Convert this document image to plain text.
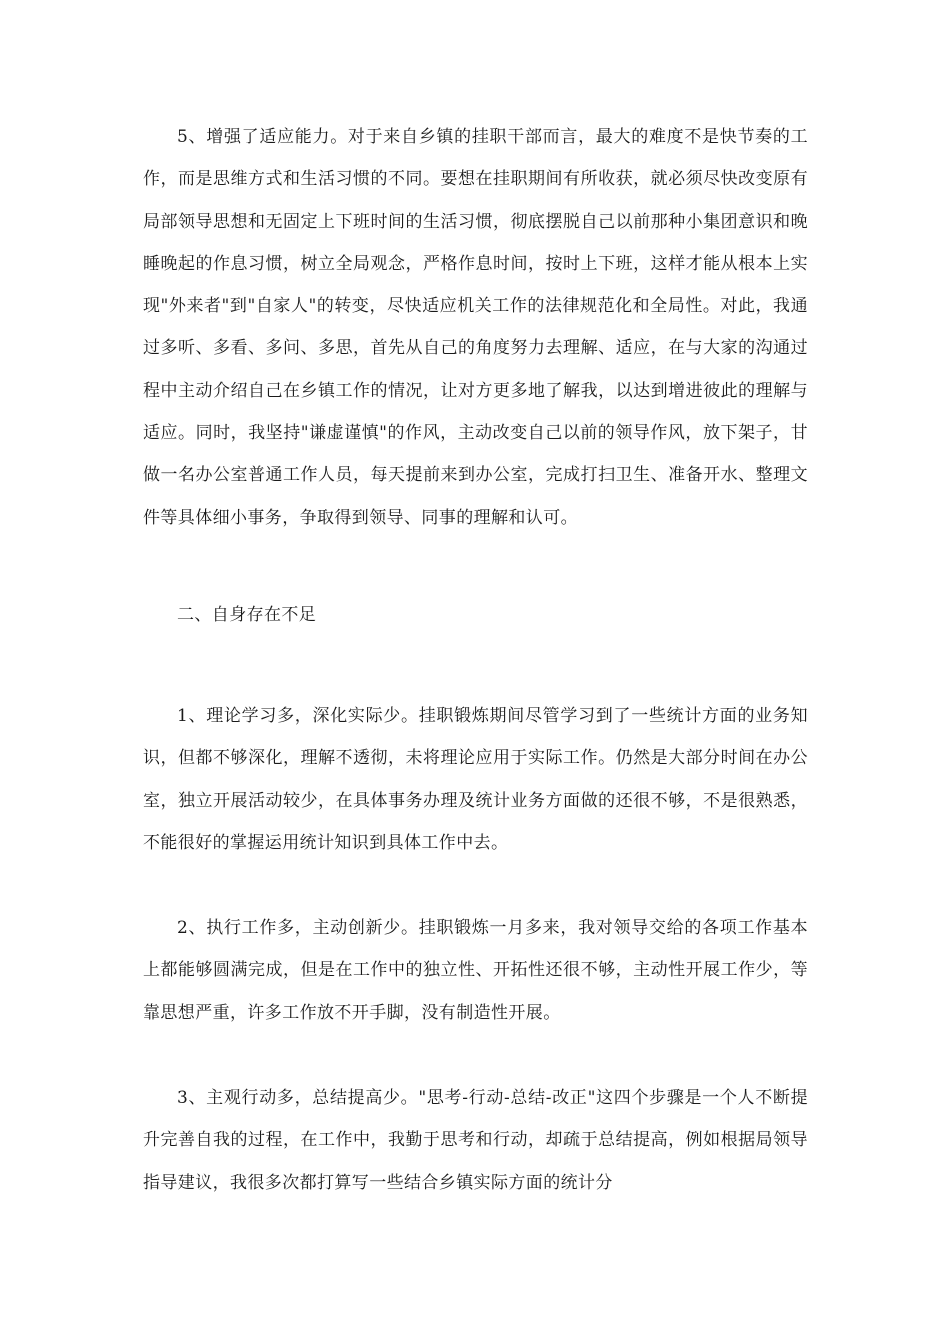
5、增强了适应能力。对于来自乡镇的挂职干部而言，最大的难度不是快节奏的工作，而是思维方式和生活习惯的不同。要想在挂职期间有所收获，就必须尽快改变原有局部领导思想和无固定上下班时间的生活习惯，彻底摆脱自己以前那种小集团意识和晚睡晚起的作息习惯，树立全局观念，严格作息时间，按时上下班，这样才能从根本上实现"外来者"到"自家人"的转变，尽快适应机关工作的法律规范化和全局性。对此，我通过多听、多看、多问、多思，首先从自己的角度努力去理解、适应，在与大家的沟通过程中主动介绍自己在乡镇工作的情况，让对方更多地了解我，以达到增进彼此的理解与适应。同时，我坚持"谦虚谨慎"的作风，主动改变自己以前的领导作风，放下架子，甘做一名办公室普通工作人员，每天提前来到办公室，完成打扫卫生、准备开水、整理文件等具体细小事务，争取得到领导、同事的理解和认可。

二、自身存在不足

1、理论学习多，深化实际少。挂职锻炼期间尽管学习到了一些统计方面的业务知识，但都不够深化，理解不透彻，未将理论应用于实际工作。仍然是大部分时间在办公室，独立开展活动较少，在具体事务办理及统计业务方面做的还很不够，不是很熟悉，不能很好的掌握运用统计知识到具体工作中去。

2、执行工作多，主动创新少。挂职锻炼一月多来，我对领导交给的各项工作基本上都能够圆满完成，但是在工作中的独立性、开拓性还很不够，主动性开展工作少，等靠思想严重，许多工作放不开手脚，没有制造性开展。

3、主观行动多，总结提高少。"思考-行动-总结-改正"这四个步骤是一个人不断提升完善自我的过程，在工作中，我勤于思考和行动，却疏于总结提高，例如根据局领导指导建议，我很多次都打算写一些结合乡镇实际方面的统计分
